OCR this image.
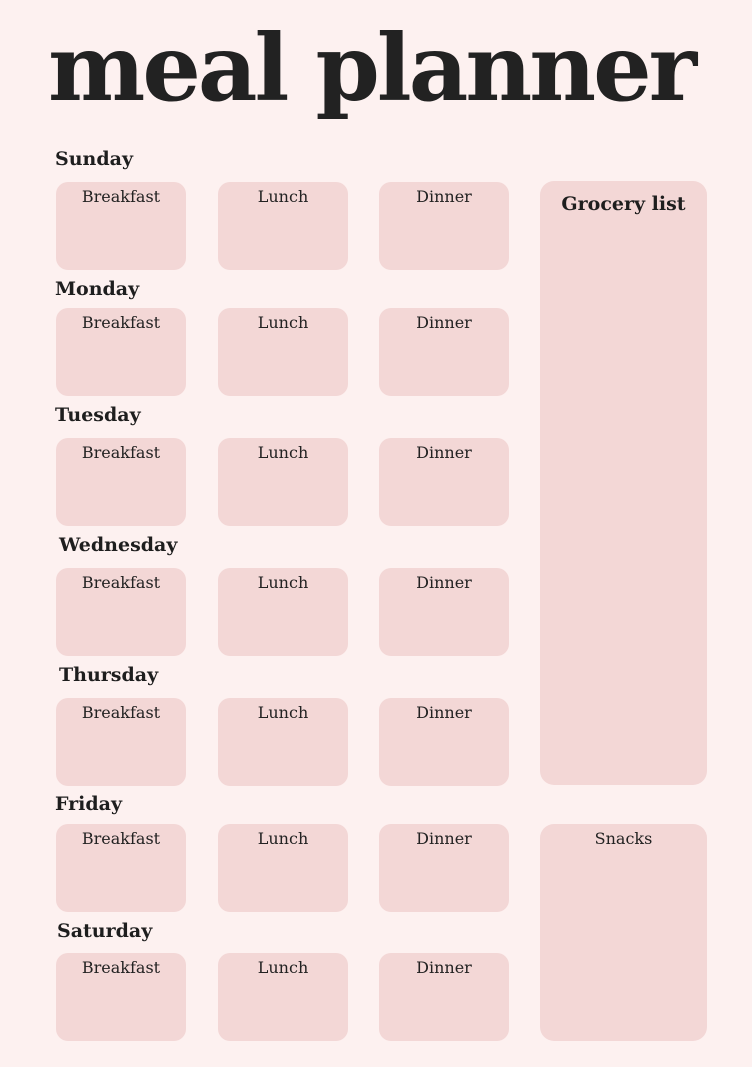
meal planner
Sunday
Breakfast	Lunch	Dinner
Monday
Breakfast	Lunch	Dinner
Tuesday
Breakfast	Lunch	Dinner
Wednesday
Breakfast	Lunch	Dinner
Thursday
Breakfast	Lunch	Dinner
Friday
Breakfast	Lunch	Dinner
Saturday
Breakfast	Lunch	Dinner
Grocery list
Snacks
